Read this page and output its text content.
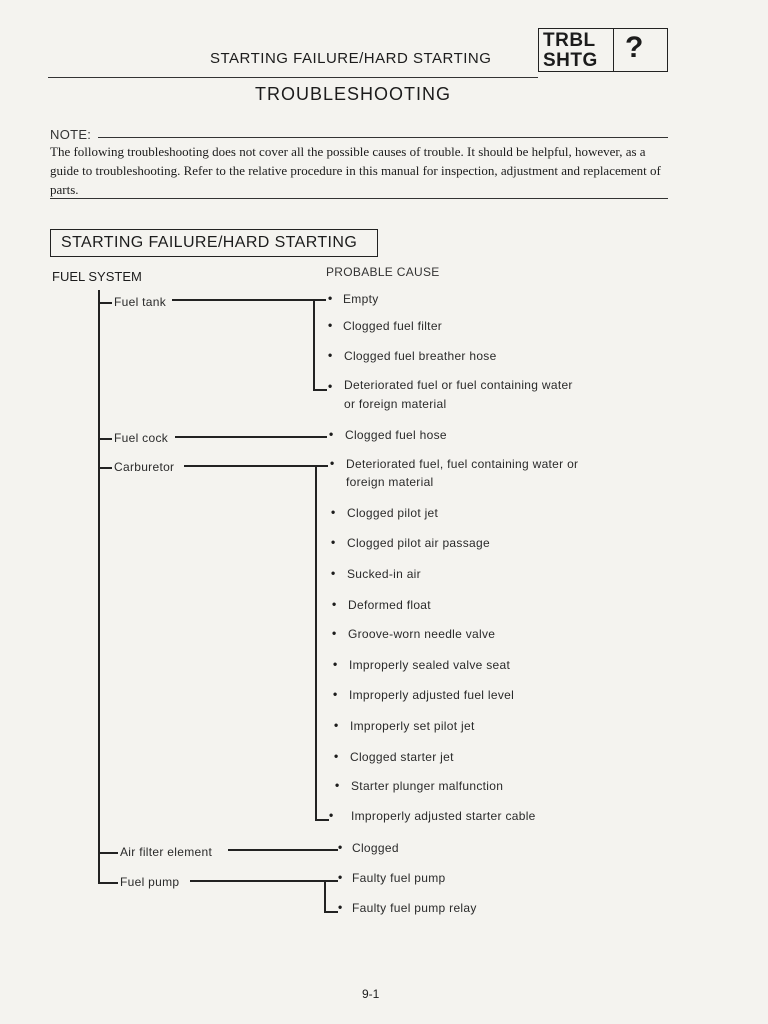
STARTING FAILURE/HARD STARTING
TRBL
SHTG ?
TROUBLESHOOTING
NOTE:
The following troubleshooting does not cover all the possible causes of trouble. It should be helpful, however, as a guide to troubleshooting. Refer to the relative procedure in this manual for inspection, adjustment and replacement of parts.
STARTING FAILURE/HARD STARTING
FUEL SYSTEM	PROBABLE CAUSE
Fuel tank
Fuel cock
Carburetor
Air filter element
Fuel pump
•
•
•
•
•
•
•
•
•
•
•
•
•
•
•
•
•
•
•
•
Empty
Clogged fuel filter
Clogged fuel breather hose
Deteriorated fuel or fuel containing water
or foreign material
Clogged fuel hose
Deteriorated fuel, fuel containing water or
foreign material
Clogged pilot jet
Clogged pilot air passage
Sucked-in air
Deformed float
Groove-worn needle valve
Improperly sealed valve seat
Improperly adjusted fuel level
Improperly set pilot jet
Clogged starter jet
Starter plunger malfunction
Improperly adjusted starter cable
Clogged
Faulty fuel pump
Faulty fuel pump relay
9-1
